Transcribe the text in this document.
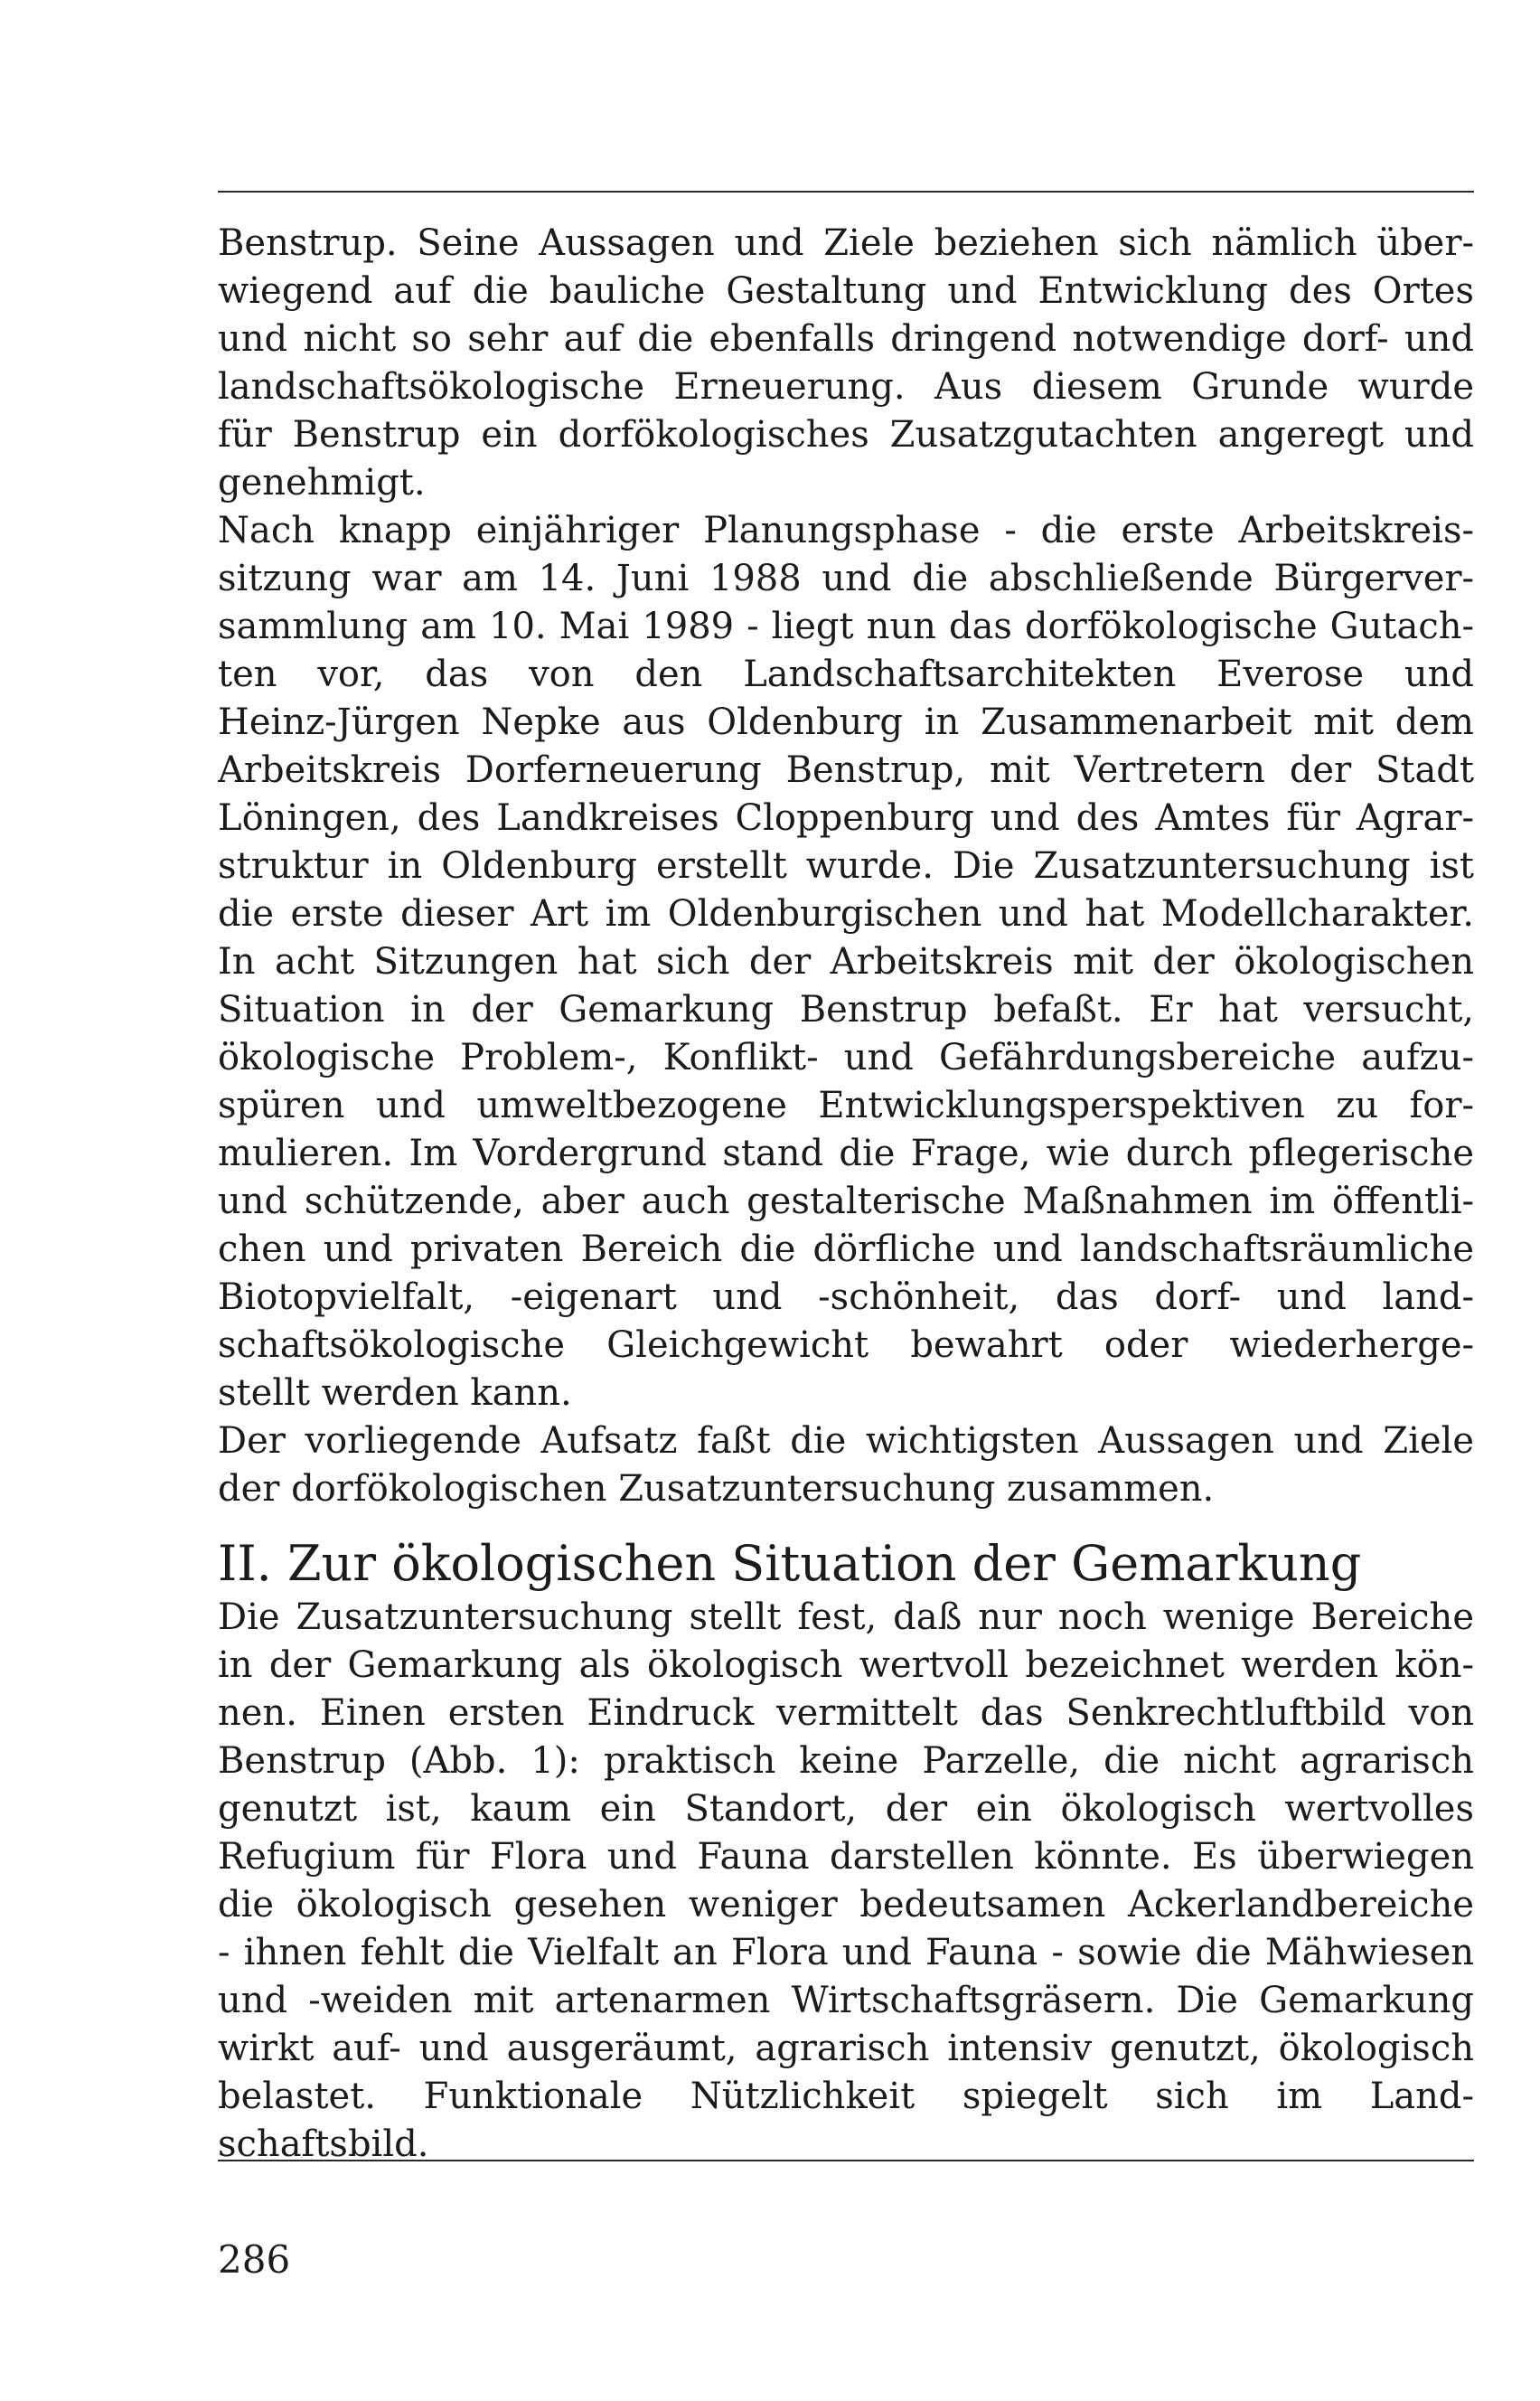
Benstrup. Seine Aussagen und Ziele beziehen sich nämlich über-
wiegend auf die bauliche Gestaltung und Entwicklung des Ortes
und nicht so sehr auf die ebenfalls dringend notwendige dorf- und
landschaftsökologische Erneuerung. Aus diesem Grunde wurde
für Benstrup ein dorfökologisches Zusatzgutachten angeregt und
genehmigt.
Nach knapp einjähriger Planungsphase - die erste Arbeitskreis-
sitzung war am 14. Juni 1988 und die abschließende Bürgerver-
sammlung am 10. Mai 1989 - liegt nun das dorfökologische Gutach-
ten vor, das von den Landschaftsarchitekten Everose und
Heinz-Jürgen Nepke aus Oldenburg in Zusammenarbeit mit dem
Arbeitskreis Dorferneuerung Benstrup, mit Vertretern der Stadt
Löningen, des Landkreises Cloppenburg und des Amtes für Agrar-
struktur in Oldenburg erstellt wurde. Die Zusatzuntersuchung ist
die erste dieser Art im Oldenburgischen und hat Modellcharakter.
In acht Sitzungen hat sich der Arbeitskreis mit der ökologischen
Situation in der Gemarkung Benstrup befaßt. Er hat versucht,
ökologische Problem-, Konflikt- und Gefährdungsbereiche aufzu-
spüren und umweltbezogene Entwicklungsperspektiven zu for-
mulieren. Im Vordergrund stand die Frage, wie durch pflegerische
und schützende, aber auch gestalterische Maßnahmen im öffentli-
chen und privaten Bereich die dörfliche und landschaftsräumliche
Biotopvielfalt, -eigenart und -schönheit, das dorf- und land-
schaftsökologische Gleichgewicht bewahrt oder wiederherge-
stellt werden kann.
Der vorliegende Aufsatz faßt die wichtigsten Aussagen und Ziele
der dorfökologischen Zusatzuntersuchung zusammen.
II. Zur ökologischen Situation der Gemarkung
Die Zusatzuntersuchung stellt fest, daß nur noch wenige Bereiche
in der Gemarkung als ökologisch wertvoll bezeichnet werden kön-
nen. Einen ersten Eindruck vermittelt das Senkrechtluftbild von
Benstrup (Abb. 1): praktisch keine Parzelle, die nicht agrarisch
genutzt ist, kaum ein Standort, der ein ökologisch wertvolles
Refugium für Flora und Fauna darstellen könnte. Es überwiegen
die ökologisch gesehen weniger bedeutsamen Ackerlandbereiche
- ihnen fehlt die Vielfalt an Flora und Fauna - sowie die Mähwiesen
und -weiden mit artenarmen Wirtschaftsgräsern. Die Gemarkung
wirkt auf- und ausgeräumt, agrarisch intensiv genutzt, ökologisch
belastet. Funktionale Nützlichkeit spiegelt sich im Land-
schaftsbild.
286
